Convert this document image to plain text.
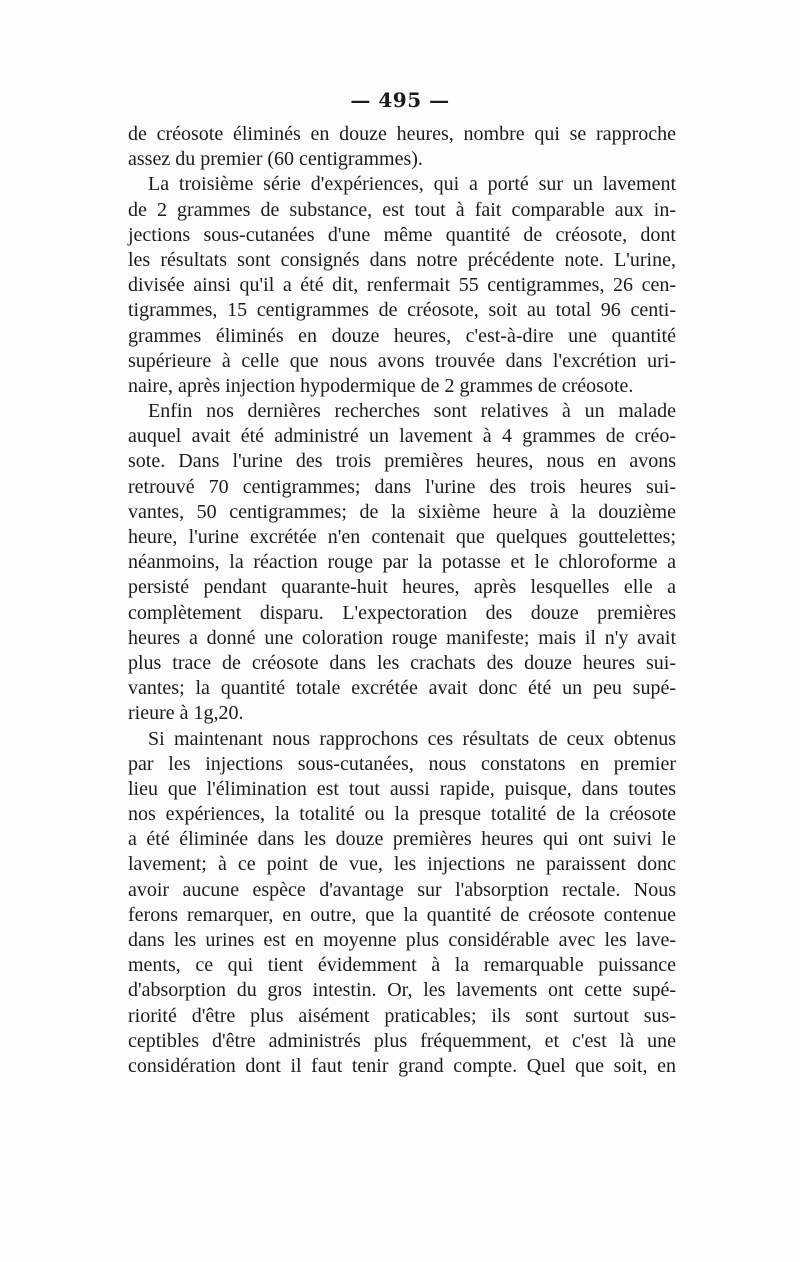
— 495 —
de créosote éliminés en douze heures, nombre qui se rapproche
assez du premier (60 centigrammes).
La troisième série d'expériences, qui a porté sur un lavement
de 2 grammes de substance, est tout à fait comparable aux in-
jections sous-cutanées d'une même quantité de créosote, dont
les résultats sont consignés dans notre précédente note. L'urine,
divisée ainsi qu'il a été dit, renfermait 55 centigrammes, 26 cen-
tigrammes, 15 centigrammes de créosote, soit au total 96 centi-
grammes éliminés en douze heures, c'est-à-dire une quantité
supérieure à celle que nous avons trouvée dans l'excrétion uri-
naire, après injection hypodermique de 2 grammes de créosote.
Enfin nos dernières recherches sont relatives à un malade
auquel avait été administré un lavement à 4 grammes de créo-
sote. Dans l'urine des trois premières heures, nous en avons
retrouvé 70 centigrammes; dans l'urine des trois heures sui-
vantes, 50 centigrammes; de la sixième heure à la douzième
heure, l'urine excrétée n'en contenait que quelques gouttelettes;
néanmoins, la réaction rouge par la potasse et le chloroforme a
persisté pendant quarante-huit heures, après lesquelles elle a
complètement disparu. L'expectoration des douze premières
heures a donné une coloration rouge manifeste; mais il n'y avait
plus trace de créosote dans les crachats des douze heures sui-
vantes; la quantité totale excrétée avait donc été un peu supé-
rieure à 1g,20.
Si maintenant nous rapprochons ces résultats de ceux obtenus
par les injections sous-cutanées, nous constatons en premier
lieu que l'élimination est tout aussi rapide, puisque, dans toutes
nos expériences, la totalité ou la presque totalité de la créosote
a été éliminée dans les douze premières heures qui ont suivi le
lavement; à ce point de vue, les injections ne paraissent donc
avoir aucune espèce d'avantage sur l'absorption rectale. Nous
ferons remarquer, en outre, que la quantité de créosote contenue
dans les urines est en moyenne plus considérable avec les lave-
ments, ce qui tient évidemment à la remarquable puissance
d'absorption du gros intestin. Or, les lavements ont cette supé-
riorité d'être plus aisément praticables; ils sont surtout sus-
ceptibles d'être administrés plus fréquemment, et c'est là une
considération dont il faut tenir grand compte. Quel que soit, en
